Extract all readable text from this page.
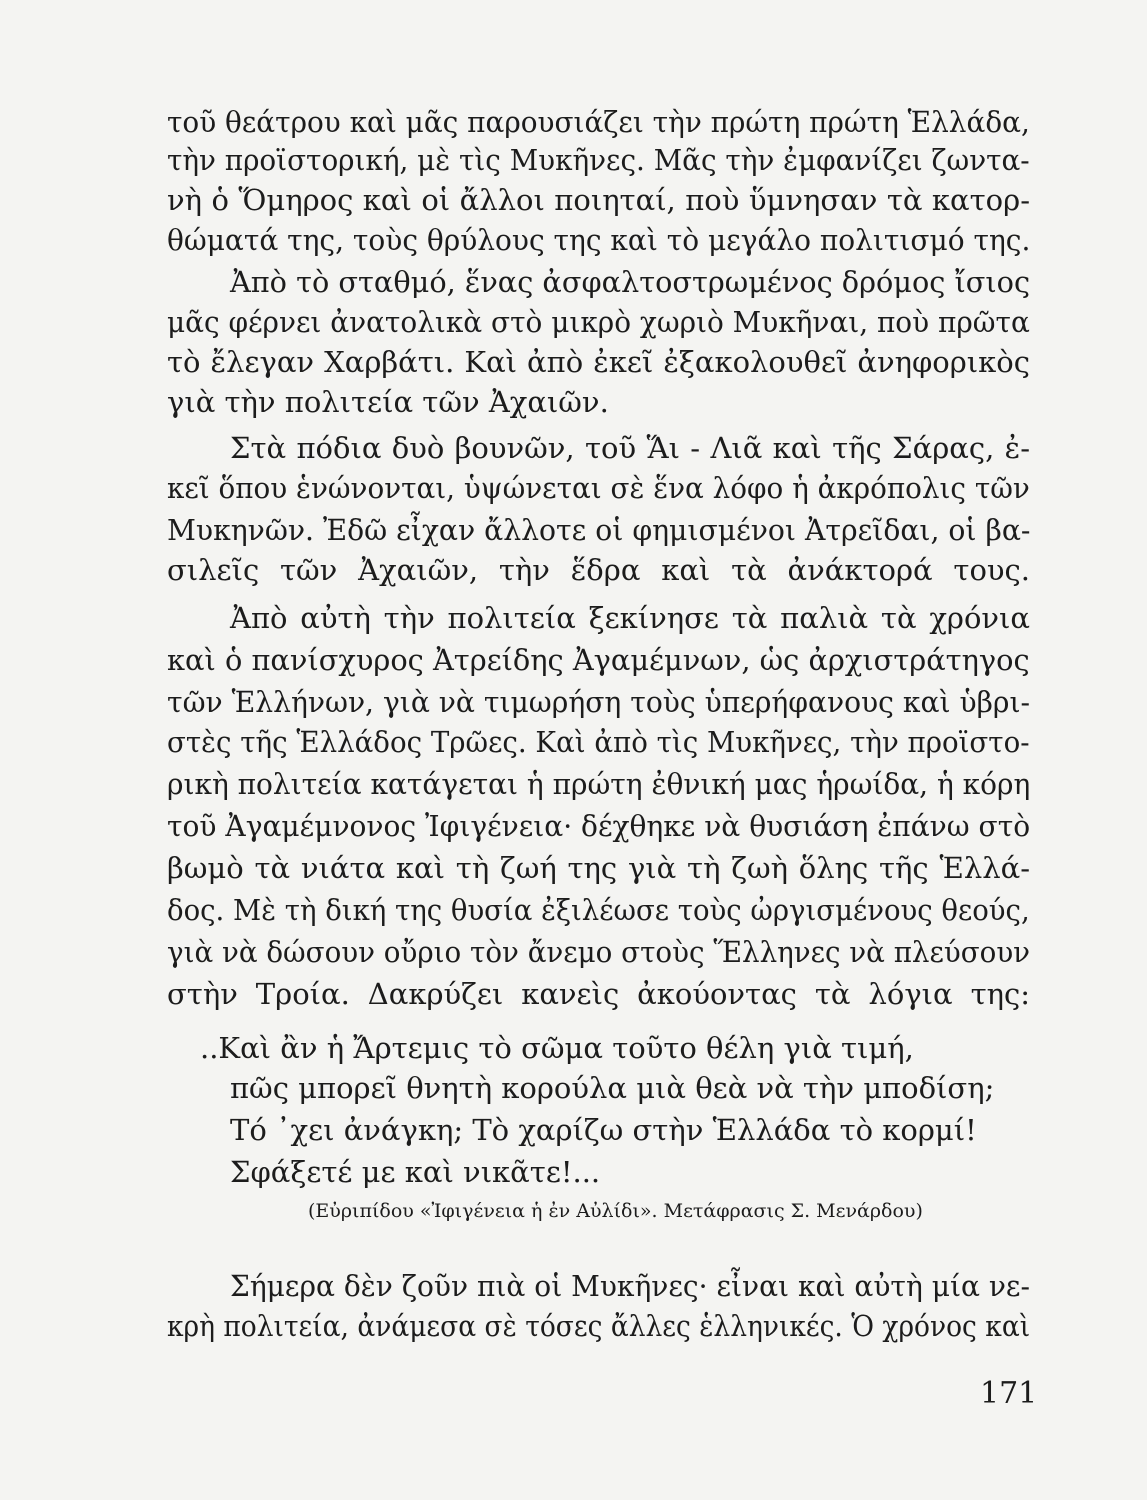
τοῦ θεάτρου καὶ μᾶς παρουσιάζει τὴν πρώτη πρώτη Ἑλλάδα,
τὴν προϊστορική, μὲ τὶς Μυκῆνες. Μᾶς τὴν ἐμφανίζει ζωντα-
νὴ ὁ Ὅμηρος καὶ οἱ ἄλλοι ποιηταί, ποὺ ὕμνησαν τὰ κατορ-
θώματά της, τοὺς θρύλους της καὶ τὸ μεγάλο πολιτισμό της.
Ἀπὸ τὸ σταθμό, ἕνας ἀσφαλτοστρωμένος δρόμος ἴσιος
μᾶς φέρνει ἀνατολικὰ στὸ μικρὸ χωριὸ Μυκῆναι, ποὺ πρῶτα
τὸ ἔλεγαν Χαρβάτι. Καὶ ἀπὸ ἐκεῖ ἐξακολουθεῖ ἀνηφορικὸς
γιὰ τὴν πολιτεία τῶν Ἀχαιῶν.
Στὰ πόδια δυὸ βουνῶν, τοῦ Ἅι - Λιᾶ καὶ τῆς Σάρας, ἐ-
κεῖ ὅπου ἑνώνονται, ὑψώνεται σὲ ἕνα λόφο ἡ ἀκρόπολις τῶν
Μυκηνῶν. Ἐδῶ εἶχαν ἄλλοτε οἱ φημισμένοι Ἀτρεῖδαι, οἱ βα-
σιλεῖς τῶν Ἀχαιῶν, τὴν ἕδρα καὶ τὰ ἀνάκτορά τους.
Ἀπὸ αὐτὴ τὴν πολιτεία ξεκίνησε τὰ παλιὰ τὰ χρόνια
καὶ ὁ πανίσχυρος Ἀτρείδης Ἀγαμέμνων, ὡς ἀρχιστράτηγος
τῶν Ἑλλήνων, γιὰ νὰ τιμωρήση τοὺς ὑπερήφανους καὶ ὑβρι-
στὲς τῆς Ἑλλάδος Τρῶες. Καὶ ἀπὸ τὶς Μυκῆνες, τὴν προϊστο-
ρικὴ πολιτεία κατάγεται ἡ πρώτη ἐθνική μας ἡρωίδα, ἡ κόρη
τοῦ Ἀγαμέμνονος Ἰφιγένεια· δέχθηκε νὰ θυσιάση ἐπάνω στὸ
βωμὸ τὰ νιάτα καὶ τὴ ζωή της γιὰ τὴ ζωὴ ὅλης τῆς Ἑλλά-
δος. Μὲ τὴ δική της θυσία ἐξιλέωσε τοὺς ὠργισμένους θεούς,
γιὰ νὰ δώσουν οὔριο τὸν ἄνεμο στοὺς Ἕλληνες νὰ πλεύσουν
στὴν Τροία. Δακρύζει κανεὶς ἀκούοντας τὰ λόγια της:
..Καὶ ἂν ἡ Ἄρτεμις τὸ σῶμα τοῦτο θέλη γιὰ τιμή,
πῶς μπορεῖ θνητὴ κορούλα μιὰ θεὰ νὰ τὴν μποδίση;
Τό ᾽χει ἀνάγκη; Τὸ χαρίζω στὴν Ἑλλάδα τὸ κορμί!
Σφάξετέ με καὶ νικᾶτε!...
(Εὐριπίδου «Ἰφιγένεια ἡ ἐν Αὐλίδι». Μετάφρασις Σ. Μενάρδου)
Σήμερα δὲν ζοῦν πιὰ οἱ Μυκῆνες· εἶναι καὶ αὐτὴ μία νε-
κρὴ πολιτεία, ἀνάμεσα σὲ τόσες ἄλλες ἑλληνικές. Ὁ χρόνος καὶ
171
